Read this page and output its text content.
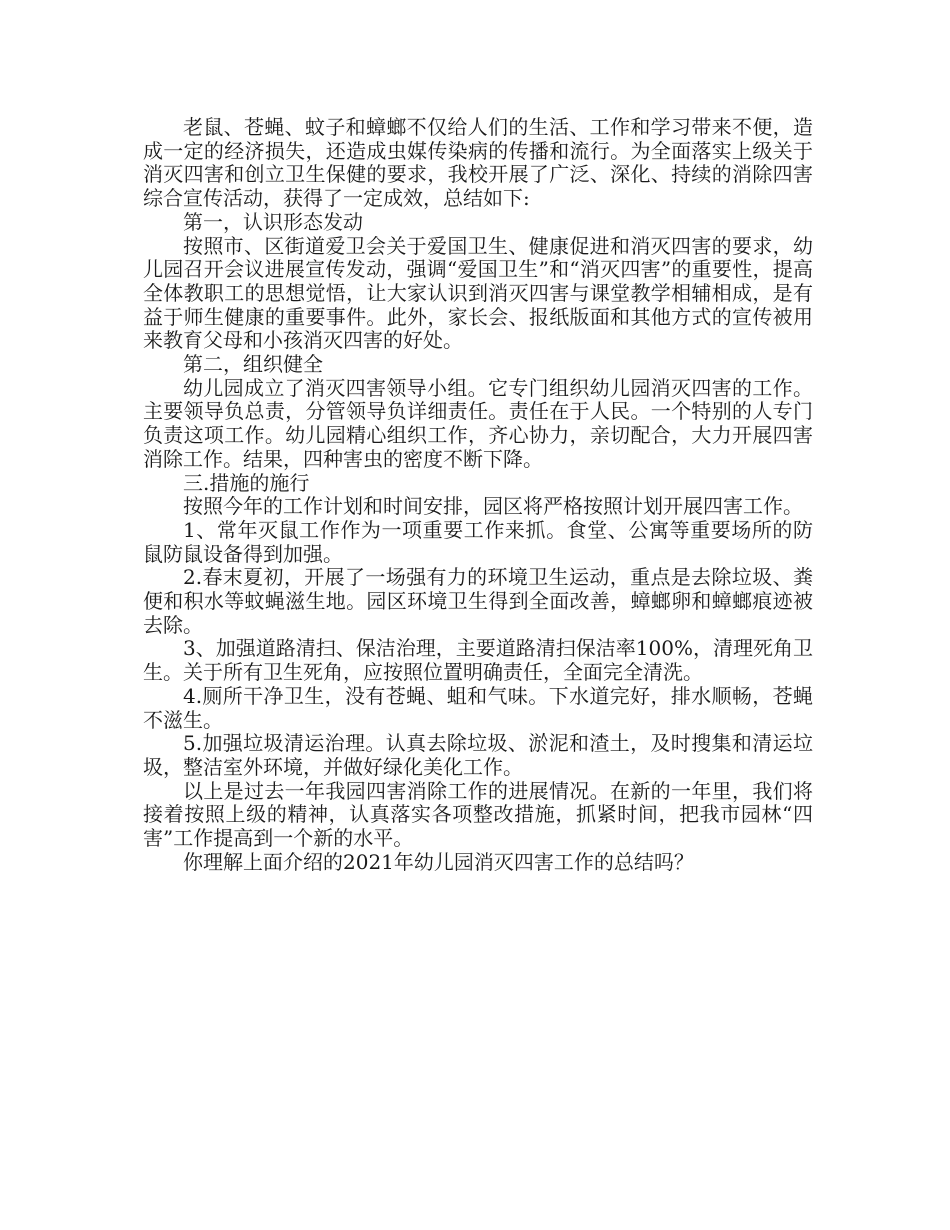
老鼠、苍蝇、蚊子和蟑螂不仅给人们的生活、工作和学习带来不便，造成一定的经济损失，还造成虫媒传染病的传播和流行。为全面落实上级关于消灭四害和创立卫生保健的要求，我校开展了广泛、深化、持续的消除四害综合宣传活动，获得了一定成效，总结如下:

第一，认识形态发动

按照市、区街道爱卫会关于爱国卫生、健康促进和消灭四害的要求，幼儿园召开会议进展宣传发动，强调“爱国卫生”和“消灭四害”的重要性，提高全体教职工的思想觉悟，让大家认识到消灭四害与课堂教学相辅相成，是有益于师生健康的重要事件。此外，家长会、报纸版面和其他方式的宣传被用来教育父母和小孩消灭四害的好处。

第二，组织健全

幼儿园成立了消灭四害领导小组。它专门组织幼儿园消灭四害的工作。主要领导负总责，分管领导负详细责任。责任在于人民。一个特别的人专门负责这项工作。幼儿园精心组织工作，齐心协力，亲切配合，大力开展四害消除工作。结果，四种害虫的密度不断下降。

三.措施的施行

按照今年的工作计划和时间安排，园区将严格按照计划开展四害工作。

1、常年灭鼠工作作为一项重要工作来抓。食堂、公寓等重要场所的防鼠防鼠设备得到加强。

2.春末夏初，开展了一场强有力的环境卫生运动，重点是去除垃圾、粪便和积水等蚊蝇滋生地。园区环境卫生得到全面改善，蟑螂卵和蟑螂痕迹被去除。

3、加强道路清扫、保洁治理，主要道路清扫保洁率100%，清理死角卫生。关于所有卫生死角，应按照位置明确责任，全面完全清洗。

4.厕所干净卫生，没有苍蝇、蛆和气味。下水道完好，排水顺畅，苍蝇不滋生。

5.加强垃圾清运治理。认真去除垃圾、淤泥和渣土，及时搜集和清运垃圾，整洁室外环境，并做好绿化美化工作。

以上是过去一年我园四害消除工作的进展情况。在新的一年里，我们将接着按照上级的精神，认真落实各项整改措施，抓紧时间，把我市园林“四害”工作提高到一个新的水平。

你理解上面介绍的2021年幼儿园消灭四害工作的总结吗？
